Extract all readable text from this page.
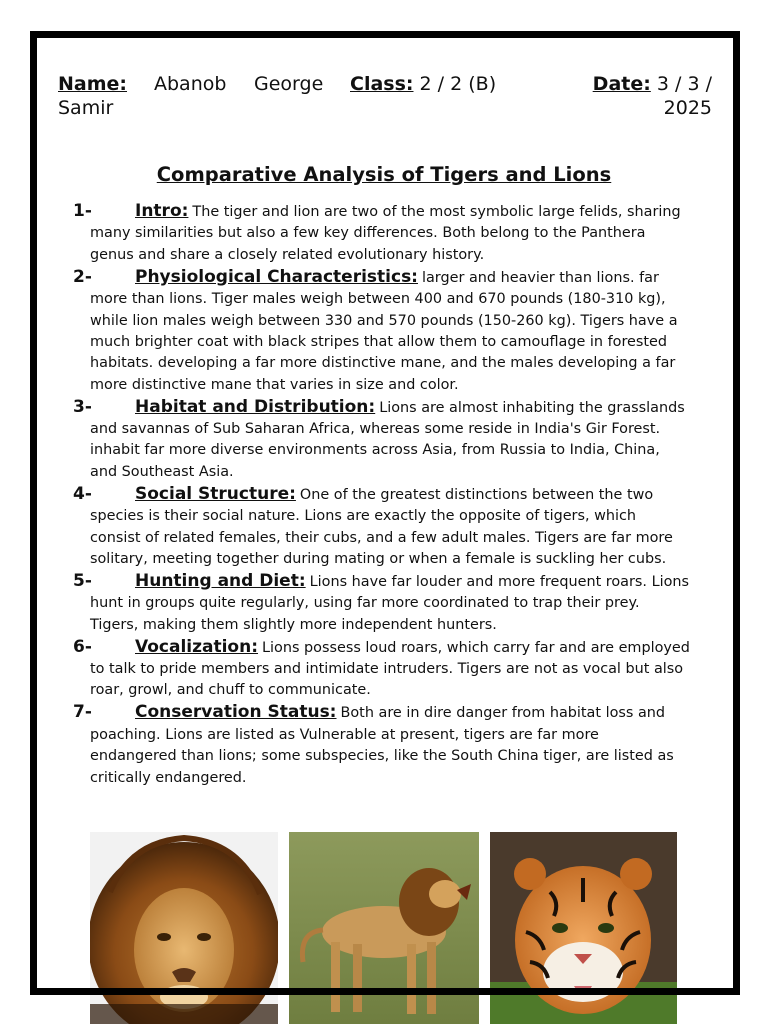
Name: Abanob George Class: 2 / 2 (B)	Date: 3 / 3 /
Samir	2025
Comparative Analysis of Tigers and Lions
1-	Intro: The tiger and lion are two of the most symbolic large felids, sharing many similarities but also a few key differences. Both belong to the Panthera genus and share a closely related evolutionary history.
2-	Physiological Characteristics:larger and heavier than lions. far more than lions. Tiger males weigh between 400 and 670 pounds (180-310 kg), while lion males weigh between 330 and 570 pounds (150-260 kg). Tigers have a much brighter coat with black stripes that allow them to camouflage in forested habitats. developing a far more distinctive mane, and the males developing a far more distinctive mane that varies in size and color.
3-	Habitat and Distribution: Lions are almost inhabiting the grasslands and savannas of Sub Saharan Africa, whereas some reside in India's Gir Forest. inhabit far more diverse environments across Asia, from Russia to India, China, and Southeast Asia.
4-	Social Structure: One of the greatest distinctions between the two species is their social nature. Lions are exactly the opposite of tigers, which consist of related females, their cubs, and a few adult males. Tigers are far more solitary, meeting together during mating or when a female is suckling her cubs.
5-	Hunting and Diet: Lions have far louder and more frequent roars. Lions hunt in groups quite regularly, using far more coordinated to trap their prey. Tigers, making them slightly more independent hunters.
6-	Vocalization: Lions possess loud roars, which carry far and are employed to talk to pride members and intimidate intruders. Tigers are not as vocal but also roar, growl, and chuff to communicate.
7-	Conservation Status: Both are in dire danger from habitat loss and poaching. Lions are listed as Vulnerable at present, tigers are far more endangered than lions; some subspecies, like the South China tiger, are listed as critically endangered.
